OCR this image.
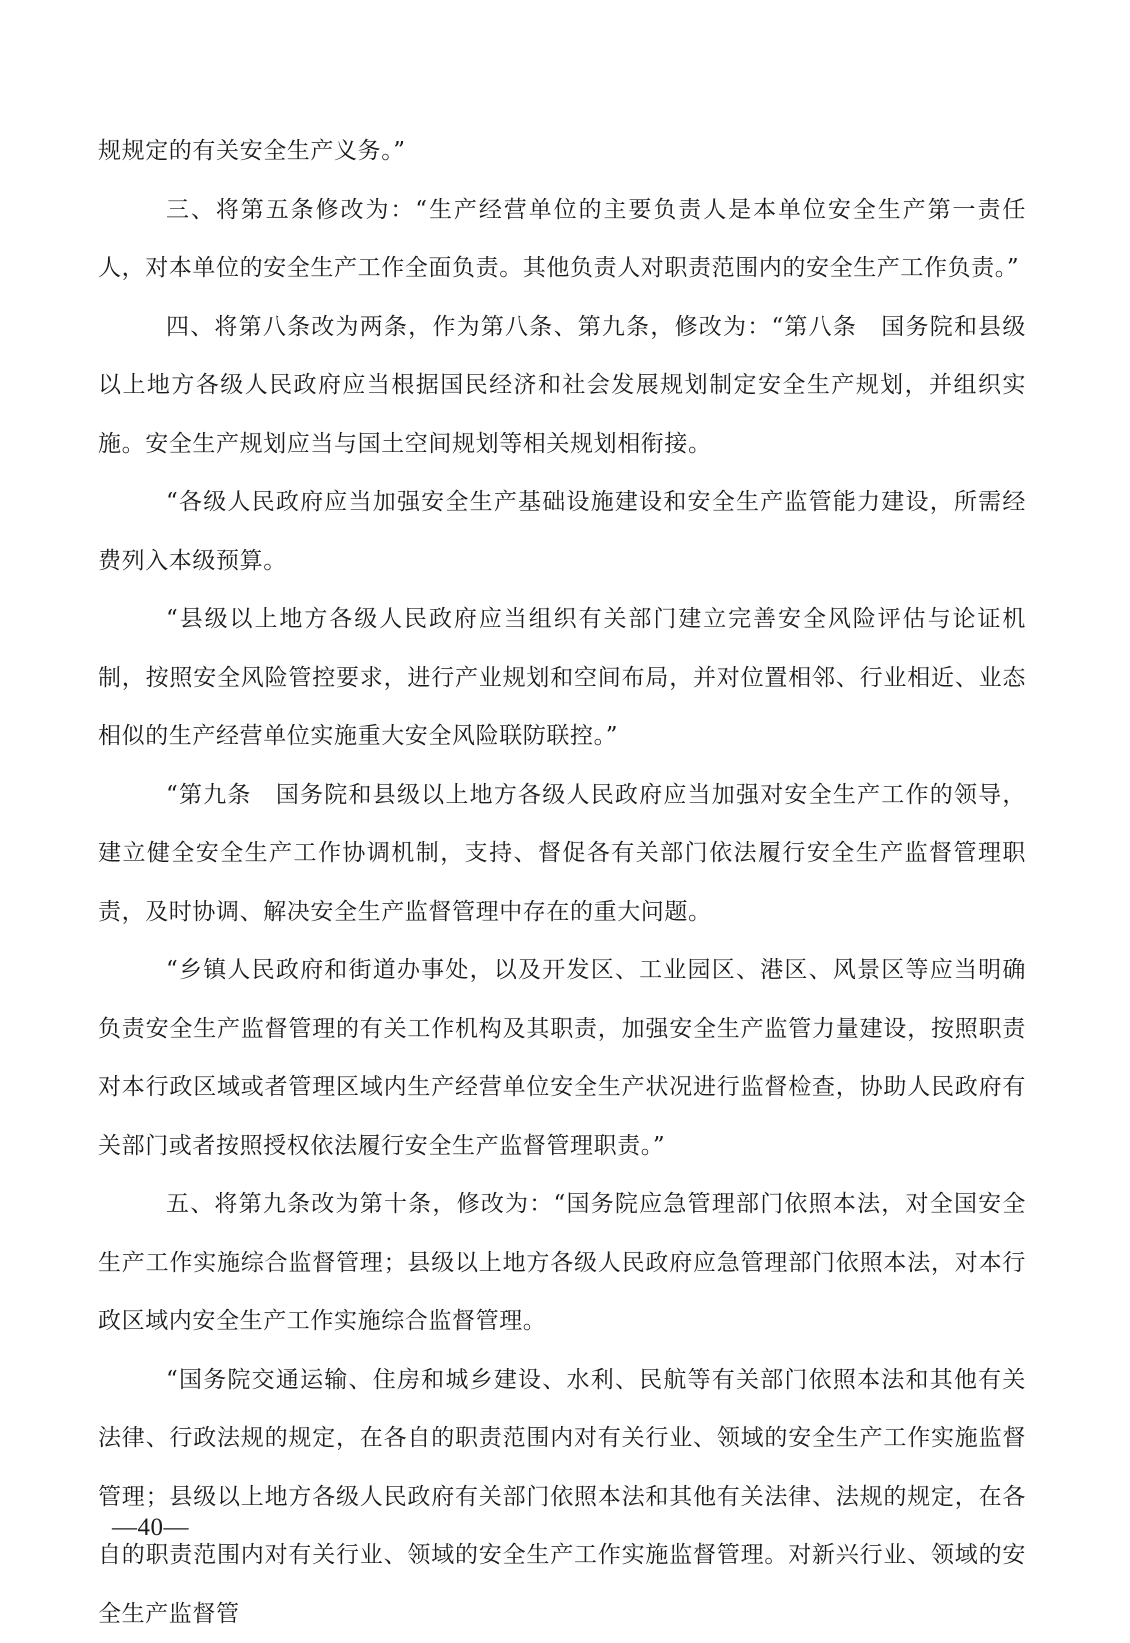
规规定的有关安全生产义务。”

三、将第五条修改为：“生产经营单位的主要负责人是本单位安全生产第一责任人，对本单位的安全生产工作全面负责。其他负责人对职责范围内的安全生产工作负责。”

四、将第八条改为两条，作为第八条、第九条，修改为：“第八条　国务院和县级以上地方各级人民政府应当根据国民经济和社会发展规划制定安全生产规划，并组织实施。安全生产规划应当与国土空间规划等相关规划相衔接。

“各级人民政府应当加强安全生产基础设施建设和安全生产监管能力建设，所需经费列入本级预算。

“县级以上地方各级人民政府应当组织有关部门建立完善安全风险评估与论证机制，按照安全风险管控要求，进行产业规划和空间布局，并对位置相邻、行业相近、业态相似的生产经营单位实施重大安全风险联防联控。”

“第九条　国务院和县级以上地方各级人民政府应当加强对安全生产工作的领导，建立健全安全生产工作协调机制，支持、督促各有关部门依法履行安全生产监督管理职责，及时协调、解决安全生产监督管理中存在的重大问题。

“乡镇人民政府和街道办事处，以及开发区、工业园区、港区、风景区等应当明确负责安全生产监督管理的有关工作机构及其职责，加强安全生产监管力量建设，按照职责对本行政区域或者管理区域内生产经营单位安全生产状况进行监督检查，协助人民政府有关部门或者按照授权依法履行安全生产监督管理职责。”

五、将第九条改为第十条，修改为：“国务院应急管理部门依照本法，对全国安全生产工作实施综合监督管理；县级以上地方各级人民政府应急管理部门依照本法，对本行政区域内安全生产工作实施综合监督管理。

“国务院交通运输、住房和城乡建设、水利、民航等有关部门依照本法和其他有关法律、行政法规的规定，在各自的职责范围内对有关行业、领域的安全生产工作实施监督管理；县级以上地方各级人民政府有关部门依照本法和其他有关法律、法规的规定，在各自的职责范围内对有关行业、领域的安全生产工作实施监督管理。对新兴行业、领域的安全生产监督管

—40—
